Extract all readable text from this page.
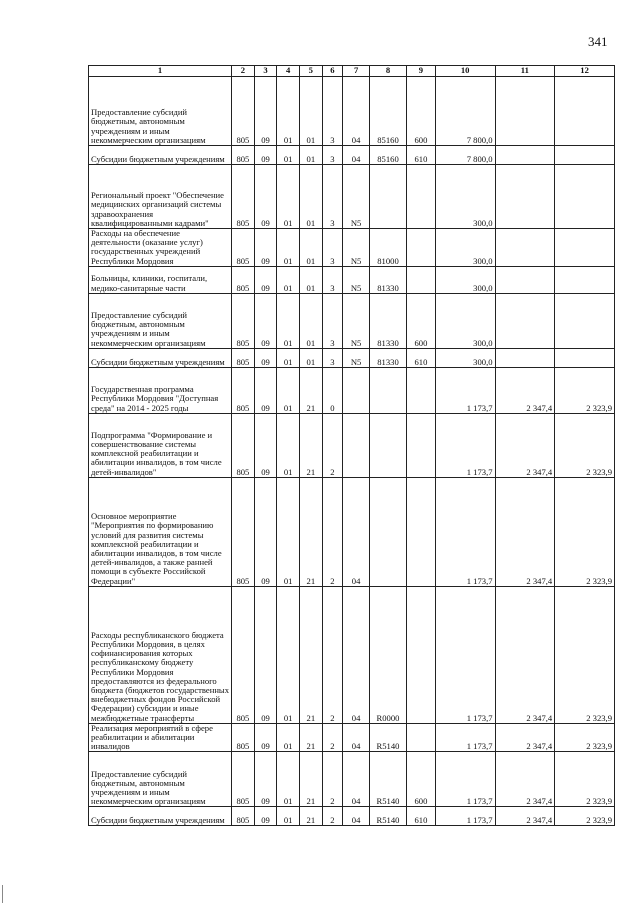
341
1	2	3	4	5	6	7	8	9	10	11	12
Предоставление субсидий бюджетным, автономным учреждениям и иным некоммерческим организациям	805	09	01	01	3	04	85160	600	7 800,0		
Субсидии бюджетным учреждениям	805	09	01	01	3	04	85160	610	7 800,0		
Региональный проект "Обеспечение медицинских организаций системы здравоохранения квалифицированными кадрами"	805	09	01	01	3	N5			300,0		
Расходы на обеспечение деятельности (оказание услуг) государственных учреждений Республики Мордовия	805	09	01	01	3	N5	81000		300,0		
Больницы, клиники, госпитали, медико-санитарные части	805	09	01	01	3	N5	81330		300,0		
Предоставление субсидий бюджетным, автономным учреждениям и иным некоммерческим организациям	805	09	01	01	3	N5	81330	600	300,0		
Субсидии бюджетным учреждениям	805	09	01	01	3	N5	81330	610	300,0		
Государственная программа Республики Мордовия "Доступная среда" на 2014 - 2025 годы	805	09	01	21	0				1 173,7	2 347,4	2 323,9
Подпрограмма "Формирование и совершенствование системы комплексной реабилитации и абилитации инвалидов, в том числе детей-инвалидов"	805	09	01	21	2				1 173,7	2 347,4	2 323,9
Основное мероприятие "Мероприятия по формированию условий для развития системы комплексной реабилитации и абилитации инвалидов, в том числе детей-инвалидов, а также ранней помощи в субъекте Российской Федерации"	805	09	01	21	2	04			1 173,7	2 347,4	2 323,9
Расходы республиканского бюджета Республики Мордовия, в целях софинансирования которых республиканскому бюджету Республики Мордовия предоставляются из федерального бюджета (бюджетов государственных внебюджетных фондов Российской Федерации) субсидии и иные межбюджетные трансферты	805	09	01	21	2	04	R0000		1 173,7	2 347,4	2 323,9
Реализация мероприятий в сфере реабилитации и абилитации инвалидов	805	09	01	21	2	04	R5140		1 173,7	2 347,4	2 323,9
Предоставление субсидий бюджетным, автономным учреждениям и иным некоммерческим организациям	805	09	01	21	2	04	R5140	600	1 173,7	2 347,4	2 323,9
Субсидии бюджетным учреждениям	805	09	01	21	2	04	R5140	610	1 173,7	2 347,4	2 323,9
